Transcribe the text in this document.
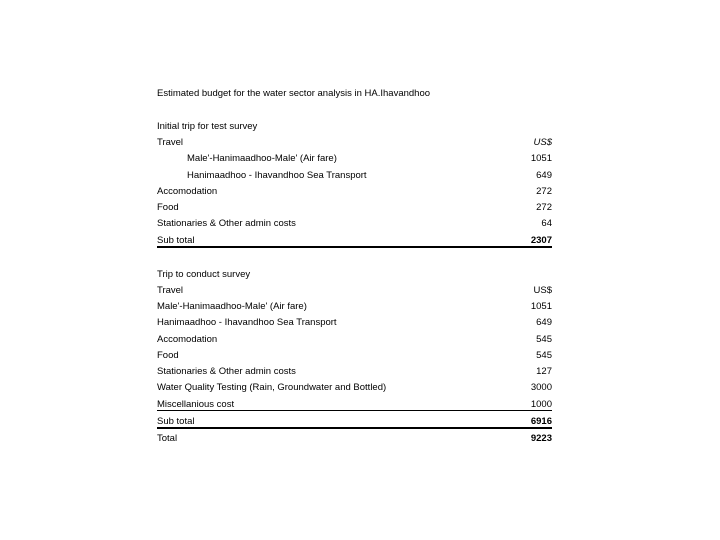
Estimated budget for the water sector analysis in HA.Ihavandhoo
Initial trip for test survey
Travel	US$
Male'-Hanimaadhoo-Male' (Air fare)	1051
Hanimaadhoo - Ihavandhoo Sea Transport	649
Accomodation	272
Food	272
Stationaries & Other admin costs	64
Sub total	2307
Trip to conduct survey
Travel	US$
Male'-Hanimaadhoo-Male' (Air fare)	1051
Hanimaadhoo - Ihavandhoo Sea Transport	649
Accomodation	545
Food	545
Stationaries & Other admin costs	127
Water Quality Testing (Rain, Groundwater and Bottled)	3000
Miscellanious cost	1000
Sub total	6916
Total	9223
